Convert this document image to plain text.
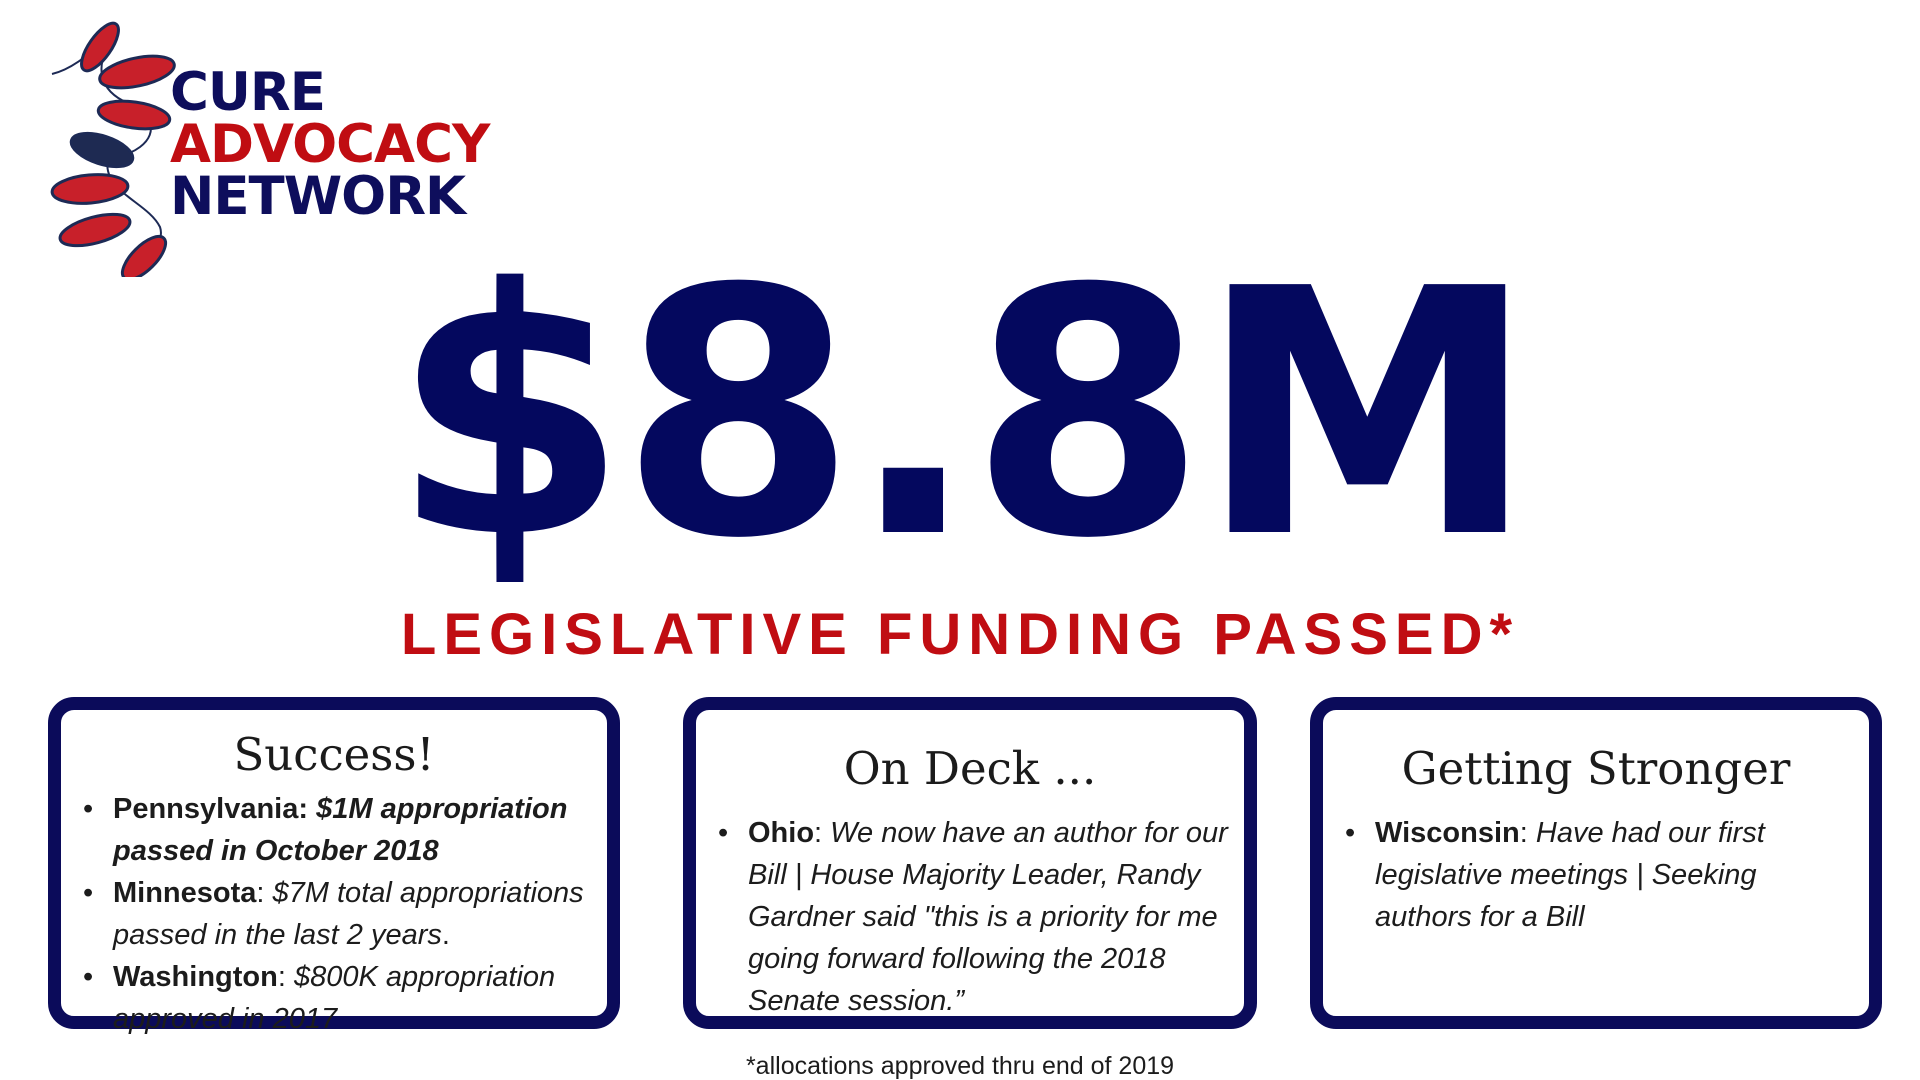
CURE
ADVOCACY
NETWORK
$8.8M
LEGISLATIVE FUNDING PASSED*
Success!
• Pennsylvania: $1M appropriation passed in October 2018
• Minnesota: $7M total appropriations passed in the last 2 years.
• Washington: $800K appropriation approved in 2017
On Deck ...
• Ohio: We now have an author for our Bill | House Majority Leader, Randy Gardner said "this is a priority for me going forward following the 2018 Senate session.”
Getting Stronger
• Wisconsin: Have had our first legislative meetings | Seeking authors for a Bill
*allocations approved thru end of 2019
